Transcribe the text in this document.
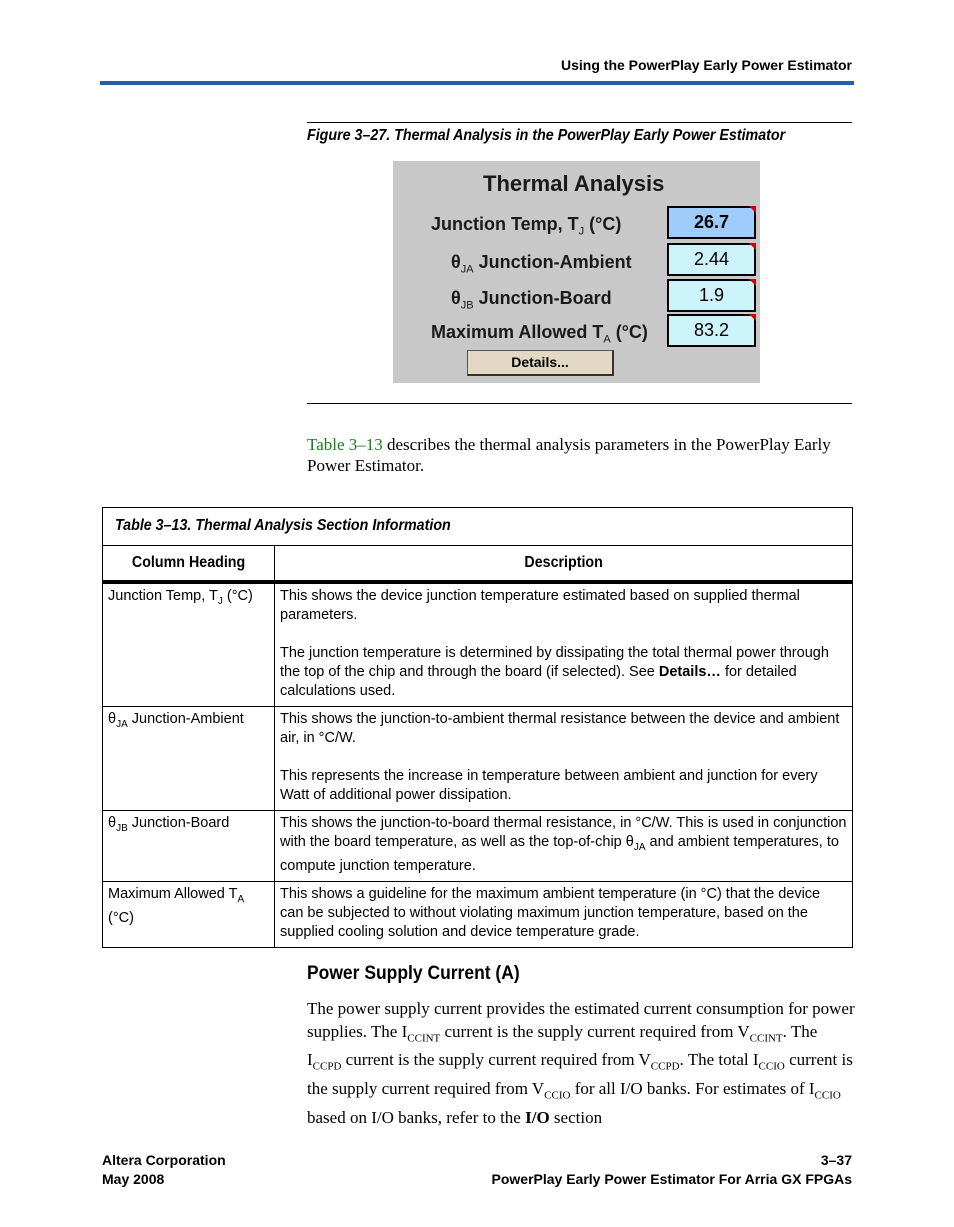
Using the PowerPlay Early Power Estimator
Figure 3–27. Thermal Analysis in the PowerPlay Early Power Estimator
Thermal Analysis
Junction Temp, $T_J$ (°C)	26.7
$\theta_{JA}$ Junction-Ambient	2.44
$\theta_{JB}$ Junction-Board	1.9
Maximum Allowed $T_A$ (°C)	83.2
Details...
Table 3–13 describes the thermal analysis parameters in the PowerPlay Early Power Estimator.
Table 3–13. Thermal Analysis Section Information
Column Heading	Description
Junction Temp, $T_J$ (°C)	This shows the device junction temperature estimated based on supplied thermal parameters.

The junction temperature is determined by dissipating the total thermal power through the top of the chip and through the board (if selected). See Details… for detailed calculations used.

$\theta_{JA}$ Junction-Ambient	This shows the junction-to-ambient thermal resistance between the device and ambient air, in °C/W.

This represents the increase in temperature between ambient and junction for every Watt of additional power dissipation.

$\theta_{JB}$ Junction-Board	This shows the junction-to-board thermal resistance, in °C/W. This is used in conjunction with the board temperature, as well as the top-of-chip $\theta_{JA}$ and ambient temperatures, to compute junction temperature.

Maximum Allowed $T_A$ (°C)	This shows a guideline for the maximum ambient temperature (in °C) that the device can be subjected to without violating maximum junction temperature, based on the supplied cooling solution and device temperature grade.

Power Supply Current (A)
The power supply current provides the estimated current consumption for power supplies. The $I_{CCINT}$ current is the supply current required from $V_{CCINT}$. The $I_{CCPD}$ current is the supply current required from $V_{CCPD}$. The total $I_{CCIO}$ current is the supply current required from $V_{CCIO}$ for all I/O banks. For estimates of $I_{CCIO}$ based on I/O banks, refer to the I/O section
Altera Corporation
May 2008
3–37
PowerPlay Early Power Estimator For Arria GX FPGAs
